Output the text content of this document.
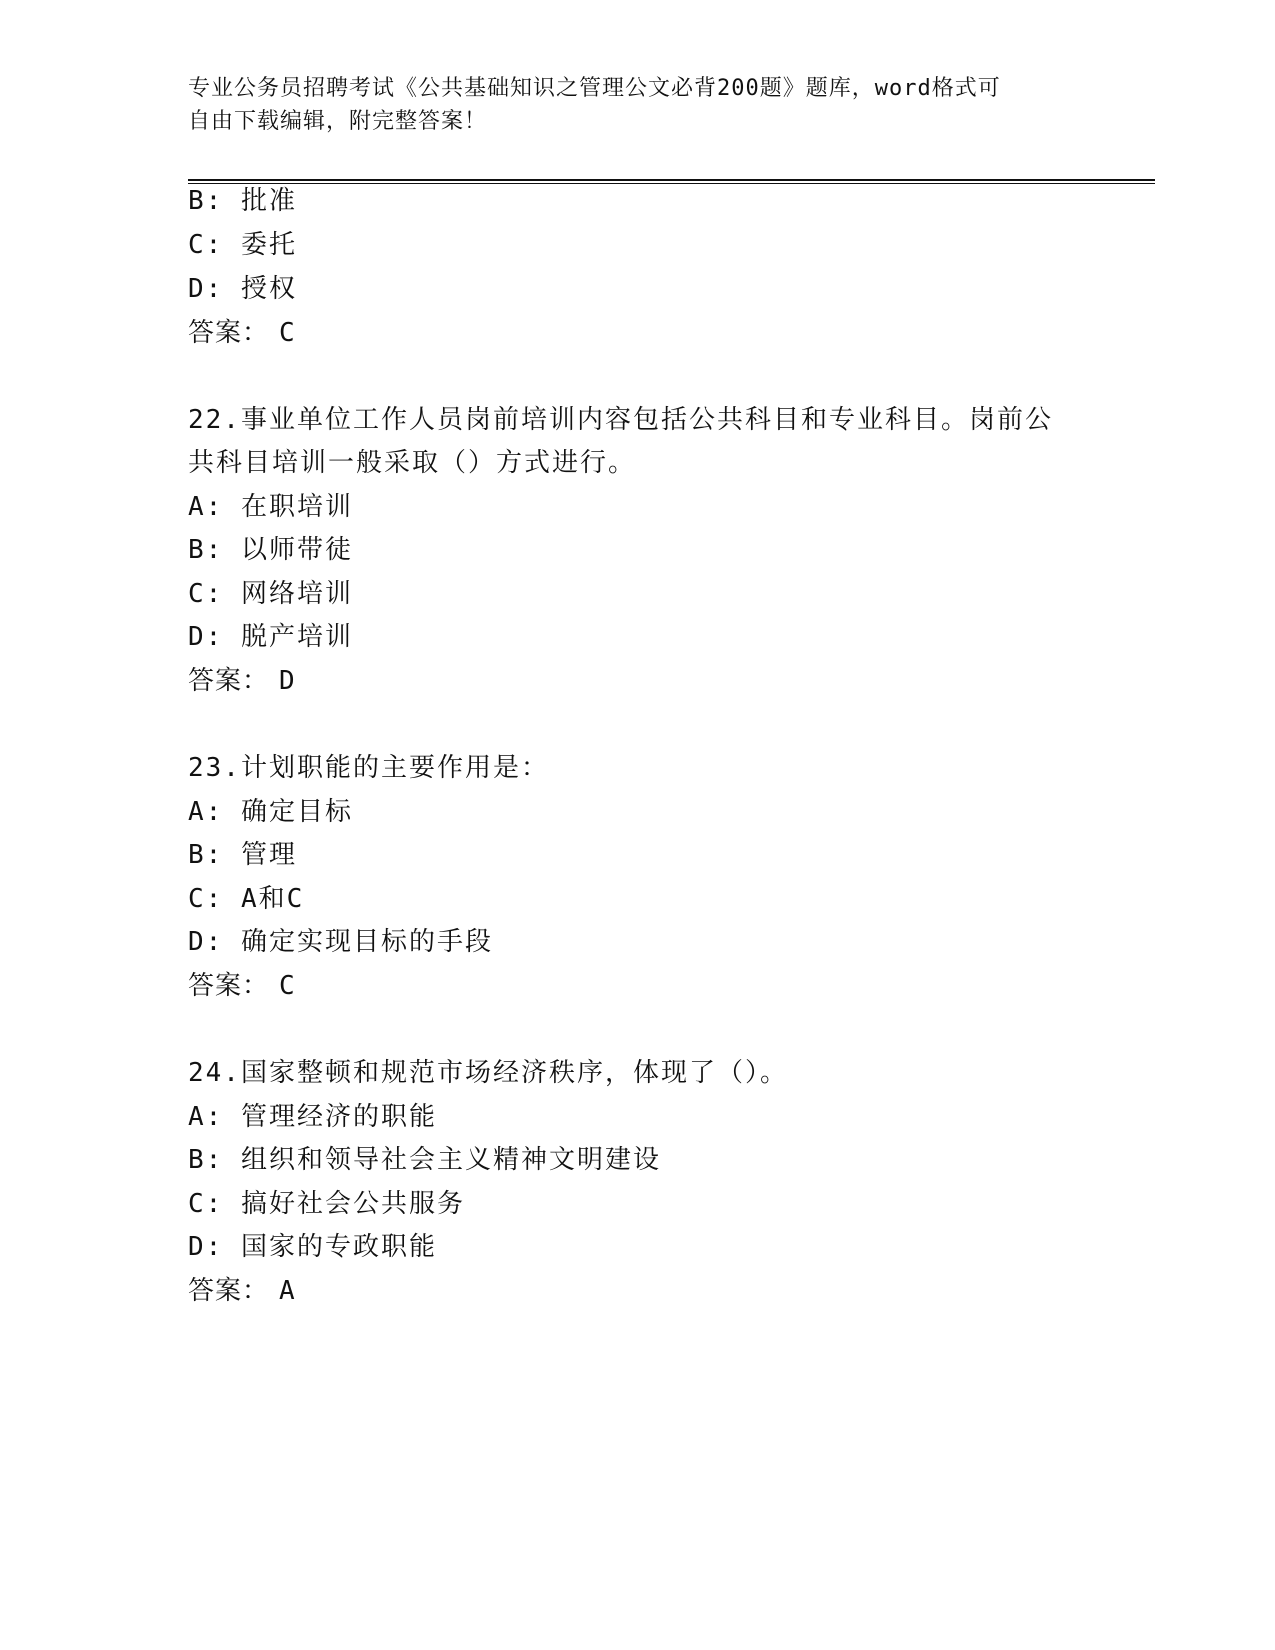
专业公务员招聘考试《公共基础知识之管理公文必背200题》题库，word格式可
自由下载编辑，附完整答案！
B: 批准
C: 委托
D: 授权
答案： C
22.事业单位工作人员岗前培训内容包括公共科目和专业科目。岗前公
共科目培训一般采取（）方式进行。
A: 在职培训
B: 以师带徒
C: 网络培训
D: 脱产培训
答案： D
23.计划职能的主要作用是：
A: 确定目标
B: 管理
C: A和C
D: 确定实现目标的手段
答案： C
24.国家整顿和规范市场经济秩序，体现了（）。
A: 管理经济的职能
B: 组织和领导社会主义精神文明建设
C: 搞好社会公共服务
D: 国家的专政职能
答案： A
